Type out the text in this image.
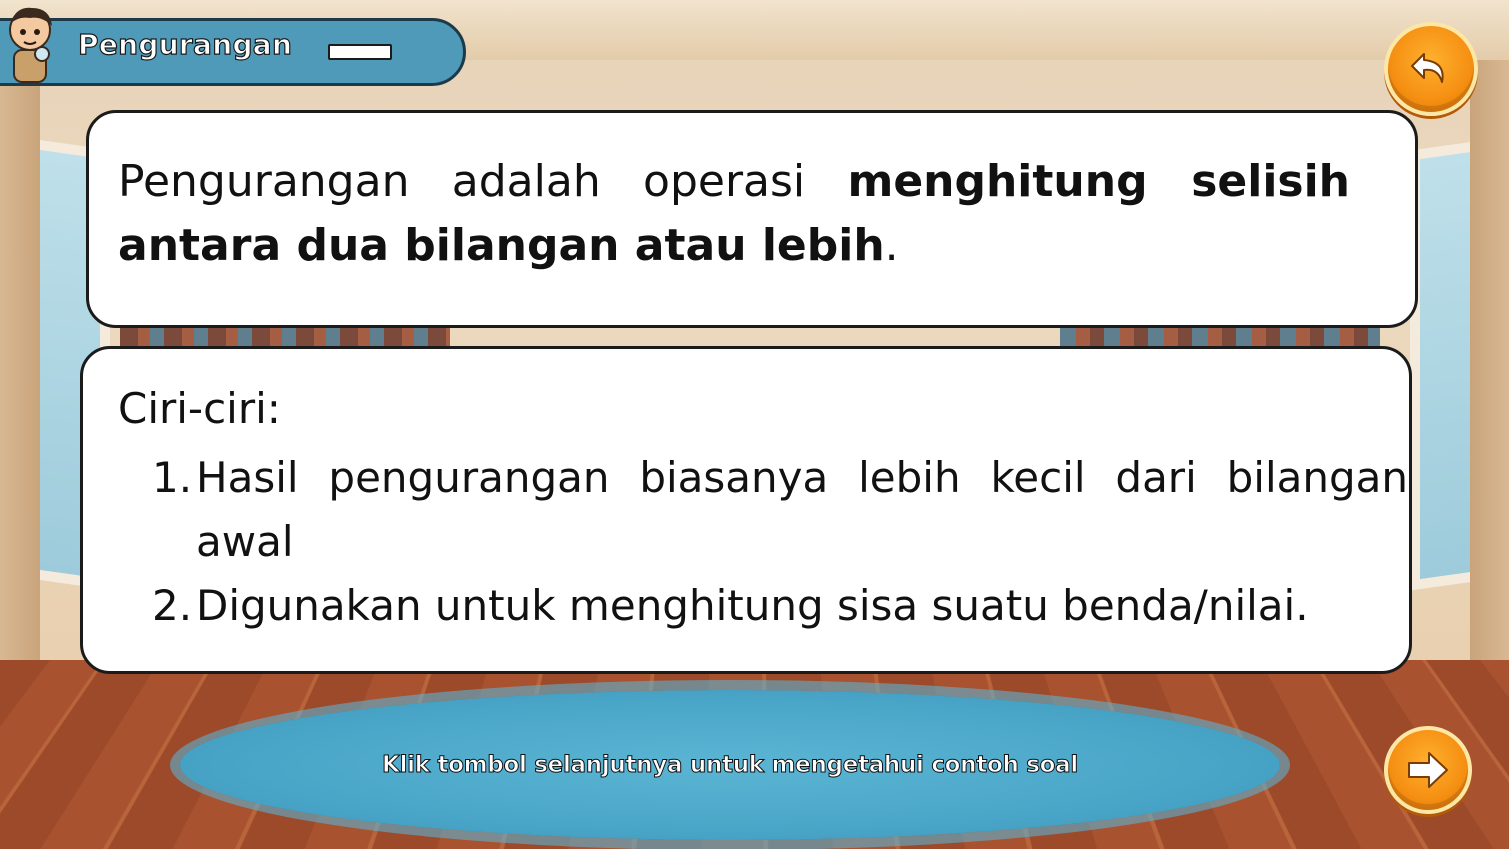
Pengurangan
Pengurangan adalah operasi menghitung selisih antara dua bilangan atau lebih.
Ciri-ciri:
1. Hasil pengurangan biasanya lebih kecil dari bilangan awal
2. Digunakan untuk menghitung sisa suatu benda/nilai.
Klik tombol selanjutnya untuk mengetahui contoh soal
